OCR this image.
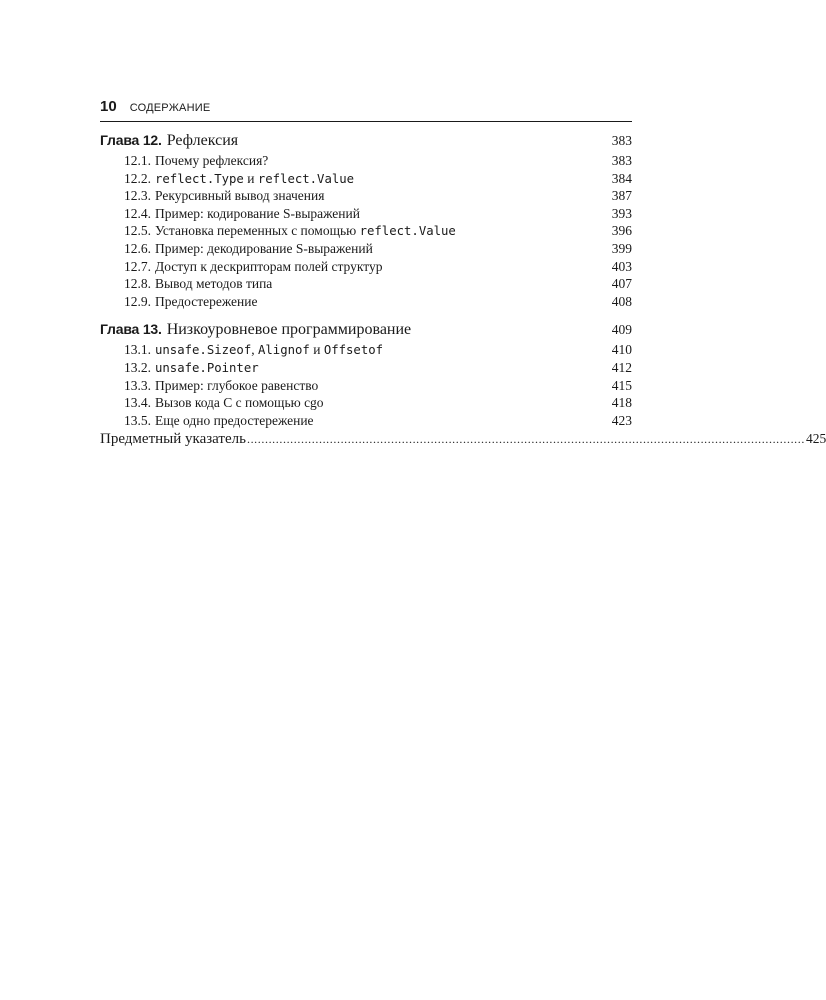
10 СОДЕРЖАНИЕ
Глава 12. Рефлексия	383
12.1. Почему рефлексия?	383
12.2. reflect.Type и reflect.Value	384
12.3. Рекурсивный вывод значения	387
12.4. Пример: кодирование S-выражений	393
12.5. Установка переменных с помощью reflect.Value	396
12.6. Пример: декодирование S-выражений	399
12.7. Доступ к дескрипторам полей структур	403
12.8. Вывод методов типа	407
12.9. Предостережение	408
Глава 13. Низкоуровневое программирование	409
13.1. unsafe.Sizeof, Alignof и Offsetof	410
13.2. unsafe.Pointer	412
13.3. Пример: глубокое равенство	415
13.4. Вызов кода С с помощью cgo	418
13.5. Еще одно предостережение	423
Предметный указатель ........................................................................................................................................................... 425
